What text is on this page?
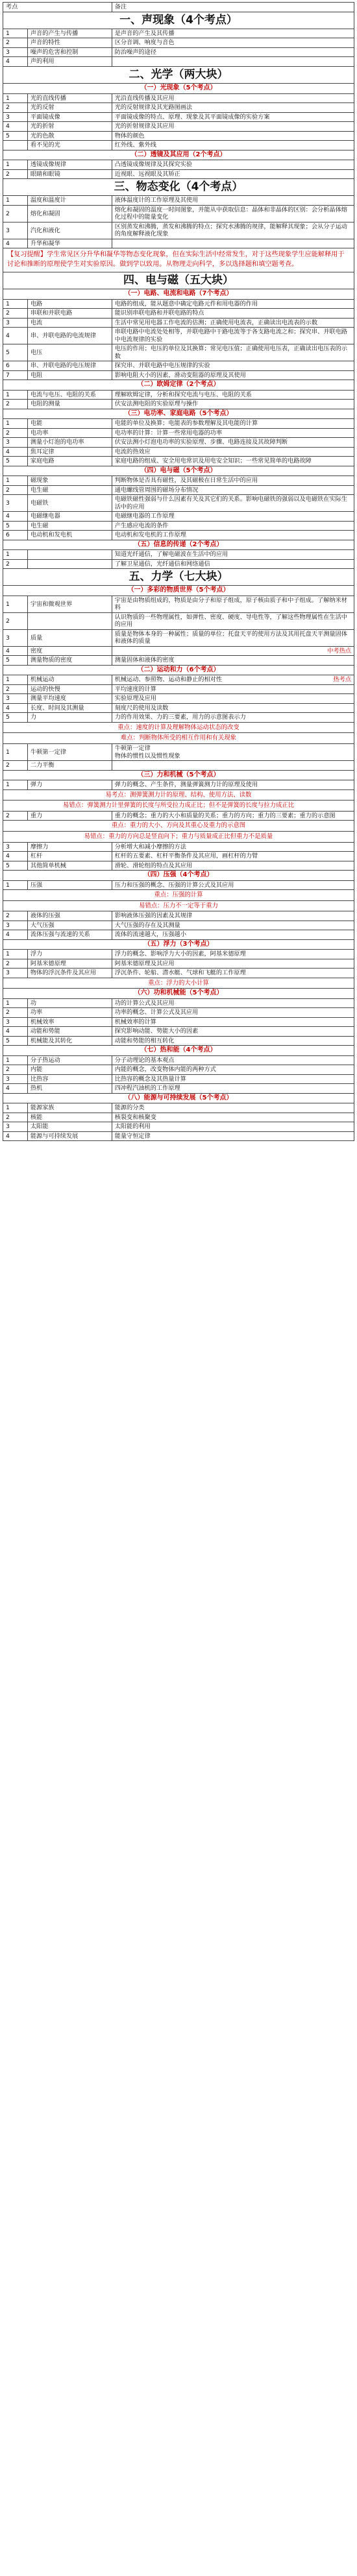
考点		备注
一、声现象（4个考点）		
1	声音的产生与传播	是声音的产生及其传播
2	声音的特性	区分音调、响度与音色
3	噪声的危害和控制	防治噪声的途径
4	声的利用	
二、光学（两大块）		
（一）光现象（5个考点）		
1	光的直线传播	光沿直线传播及其应用
2	光的反射	光的反射规律及其光路图画法
3	平面镜成像	平面镜成像的特点、原理、现象及其平面镜成像的实验方案
4	光的折射	光的折射规律及其应用
5	光的色散	物体的颜色
	看不见的光	红外线、紫外线
（二）透镜及其应用（2个考点）		
1	透镜成像规律	凸透镜成像规律及其探究实验
2	眼睛和眼镜	近视眼、远视眼及其矫正
三、物态变化（4个考点）		
1	温度和温度计	液体温度计的工作原理及其使用
2	熔化和凝固	熔化和凝固的温度一时间图象，并能从中获取信息：晶体和非晶体的区别：会分析晶体熔化过程中的能量变化
3	汽化和液化	区别蒸发和沸腾，蒸发和沸腾的特点；探究水沸腾的规律，能解释其现象；会从分子运动的角度解释液化现象
4	升华和凝华	
【复习提醒】学生常见区分升华和凝华等物态变化现象，但在实际生活中经常发生，对于这些现象学生应能解释用于讨论和推断的原理使学生对实验原因。做到学以致用。从物理走向科学，多以选择题和填空题考查。		
四、电与磁（五大块）		
（一）电路、电流和电路（7个考点）		
1	电路	电路的组成，能从题意中确定电路元件和用电器的作用
2	串联和并联电路	能识别串联电路和并联电路的特点
3	电流	生活中常见用电器工作电流的估测；正确使用电流表，正确读出电流表的示数
4	串、并联电路的电流规律	串联电路中电流处处相等，并联电路中干路电流等于各支路电流之和；探究串、并联电路中电流规律的实验
5	电压	电压的作用；电压的单位及其换算；常见电压值；正确使用电压表，正确读出电压表的示数
6	串、并联电路的电压规律	探究串、并联电路中电压规律的实验
7	电阻	影响电阻大小的因素，滑动变阻器的原理及其使用
（二）欧姆定律（2个考点）		
1	电流与电压、电阻的关系	理解欧姆定律，分析和探究电流与电压、电阻的关系
2	电阻的测量	伏安法测电阻的实验原理与操作
（三）电功率、家庭电路（5个考点）		
1	电能	电能的单位及换算；电能表的参数理解及其电能的计算
2	电功率	电功率的计算：计算一些常用电器的功率
3	测量小灯泡的电功率	伏安法测小灯泡电功率的实验原理、步骤、电路连接及其故障判断
4	焦耳定律	电流的热效应
5	家庭电路	家庭电路的组成、安全用电常识及用电安全知识；一些常见简单的电路故障
（四）电与磁（5个考点）		
1	磁现象	判断物体是否具有磁性，及其磁极在日常生活中的应用
2	电生磁	通电螺线管周围的磁场分布情况
3	电磁铁	电磁铁磁性强弱与什么因素有关及其它们的关系。影响电磁铁的强弱以及电磁铁在实际生活中的应用
4	电磁继电器	电磁继电器的工作原理
5	电生磁	产生感应电流的条件
6	电动机和发电机	电动机和发电机的工作原理
（五）信息的传递（2个考点）		
1		知道光纤通信，了解电磁波在生活中的应用
2		了解卫星通信，光纤通信和网络通信
五、力学（七大块）		
（一）多彩的物质世界（5个考点）		
1	宇宙和微观世界	宇宙是由物质组成的，物质是由分子和原子组成，原子核由质子和中子组成。了解纳米材料
2		认识物质的一些物理属性，如弹性、密度、硬度、导电性等，了解这些物理属性在生活中的应用
3	质量	质量是物体本身的一种属性；质量的单位；托盘天平的使用方法及其用托盘天平测量固体和液体的质量
4	密度	中考热点

5	测量物质的密度	测量固体和液体的密度
（二）运动和力（6个考点）		
1	机械运动	机械运动、参照物、运动和静止的相对性 热考点

2	运动的快慢	平均速度的计算
3	测量平均速度	实验原理及应用
4	长度、时间及其测量	刻度尺的使用及读数
5	力	力的作用效果、力的三要素，用力的示意图表示力
重点：速度的计算及理解物体运动状态的改变		
难点：判断物体所受的相互作用和有关现象		
1	牛顿第一定律	牛顿第一定律
物体的惯性以及惯性现象
2	二力平衡	
（三）力和机械（5个考点）		
1	弹力	弹力的概念、产生条件，测量弹簧测力计的原理及使用
易考点：测弹簧测力计的原理、结构、使用方法、读数		
易错点：弹簧测力计里弹簧的长度与所受拉力成正比；但不是弹簧的长度与拉力成正比		
2	重力	重力的概念；重力的大小和质量的关系；重力的方向；重力的三要素；重力的示意图
重点：重力的大小、方向及其重心及重力的示意图		
易错点：重力的方向总是竖直向下；重力与质量成正比但重力不是质量		
3	摩擦力	分析增大和减小摩擦的方法
4	杠杆	杠杆的五要素、杠杆平衡条件及其应用，画杠杆的力臂
5	其他简单机械	滑轮、滑轮组的特点及其应用
（四）压强（4个考点）		
1	压强	压力和压强的概念、压强的计算公式及其应用
重点：压强的计算		
易错点：压力不一定等于重力		
2	液体的压强	影响液体压强的因素及其规律
3	大气压强	大气压强的存在及其测量
4	流体压强与流速的关系	流体的流速越大，压强越小
（五）浮力（3个考点）		
1	浮力	浮力的概念、影响浮力大小的因素，阿基米德原理
2	阿基米德原理	阿基米德原理及其应用
3	物体的浮沉条件及其应用	浮沉条件、轮船、潜水艇、气球和飞艇的工作原理
重点：浮力的大小计算		
（六）功和机械能（5个考点）		
1	功	功的计算公式及其应用
2	功率	功率的概念、计算公式及其应用
3	机械效率	机械效率的计算
4	动能和势能	探究影响动能、势能大小的因素
5	机械能及其转化	动能和势能的相互转化
（七）热和能（4个考点）		
1	分子热运动	分子动理论的基本观点
2	内能	内能的概念，改变物体内能的两种方式
3	比热容	比热容的概念及其热量计算
4	热机	四冲程汽油机的工作原理
（八）能源与可持续发展（5个考点）		
1	能源家族	能源的分类
2	核能	核裂变和核聚变
3	太阳能	太阳能的利用
4	能源与可持续发展	能量守恒定律
